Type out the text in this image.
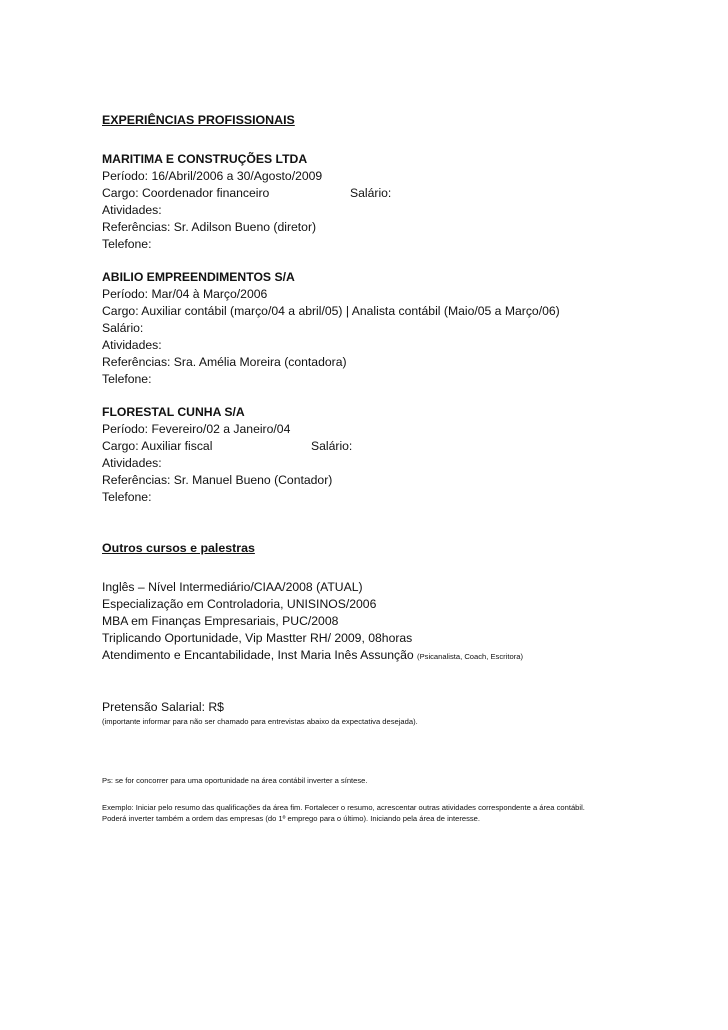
EXPERIÊNCIAS PROFISSIONAIS
MARITIMA E CONSTRUÇÕES LTDA
Período: 16/Abril/2006 a 30/Agosto/2009
Cargo: Coordenador financeiro	Salário:
Atividades:
Referências: Sr. Adilson Bueno (diretor)
Telefone:
ABILIO EMPREENDIMENTOS S/A
Período: Mar/04 à Março/2006
Cargo: Auxiliar contábil (março/04 a abril/05) | Analista contábil (Maio/05 a Março/06)
Salário:
Atividades:
Referências: Sra. Amélia Moreira (contadora)
Telefone:
FLORESTAL CUNHA S/A
Período: Fevereiro/02 a Janeiro/04
Cargo: Auxiliar fiscal	Salário:
Atividades:
Referências: Sr. Manuel Bueno (Contador)
Telefone:
Outros cursos e palestras
Inglês – Nível Intermediário/CIAA/2008 (ATUAL)
Especialização em Controladoria, UNISINOS/2006
MBA em Finanças Empresariais, PUC/2008
Triplicando Oportunidade, Vip Mastter RH/ 2009, 08horas
Atendimento e Encantabilidade, Inst Maria Inês Assunção (Psicanalista, Coach, Escritora)
Pretensão Salarial: R$
(importante informar para não ser chamado para entrevistas abaixo da expectativa desejada).
Ps: se for concorrer para uma oportunidade na área contábil inverter a síntese.
Exemplo: Iniciar pelo resumo das qualificações da área fim. Fortalecer o resumo, acrescentar outras atividades correspondente a área contábil.
Poderá inverter também a ordem das empresas (do 1º emprego para o último). Iniciando pela área de interesse.
